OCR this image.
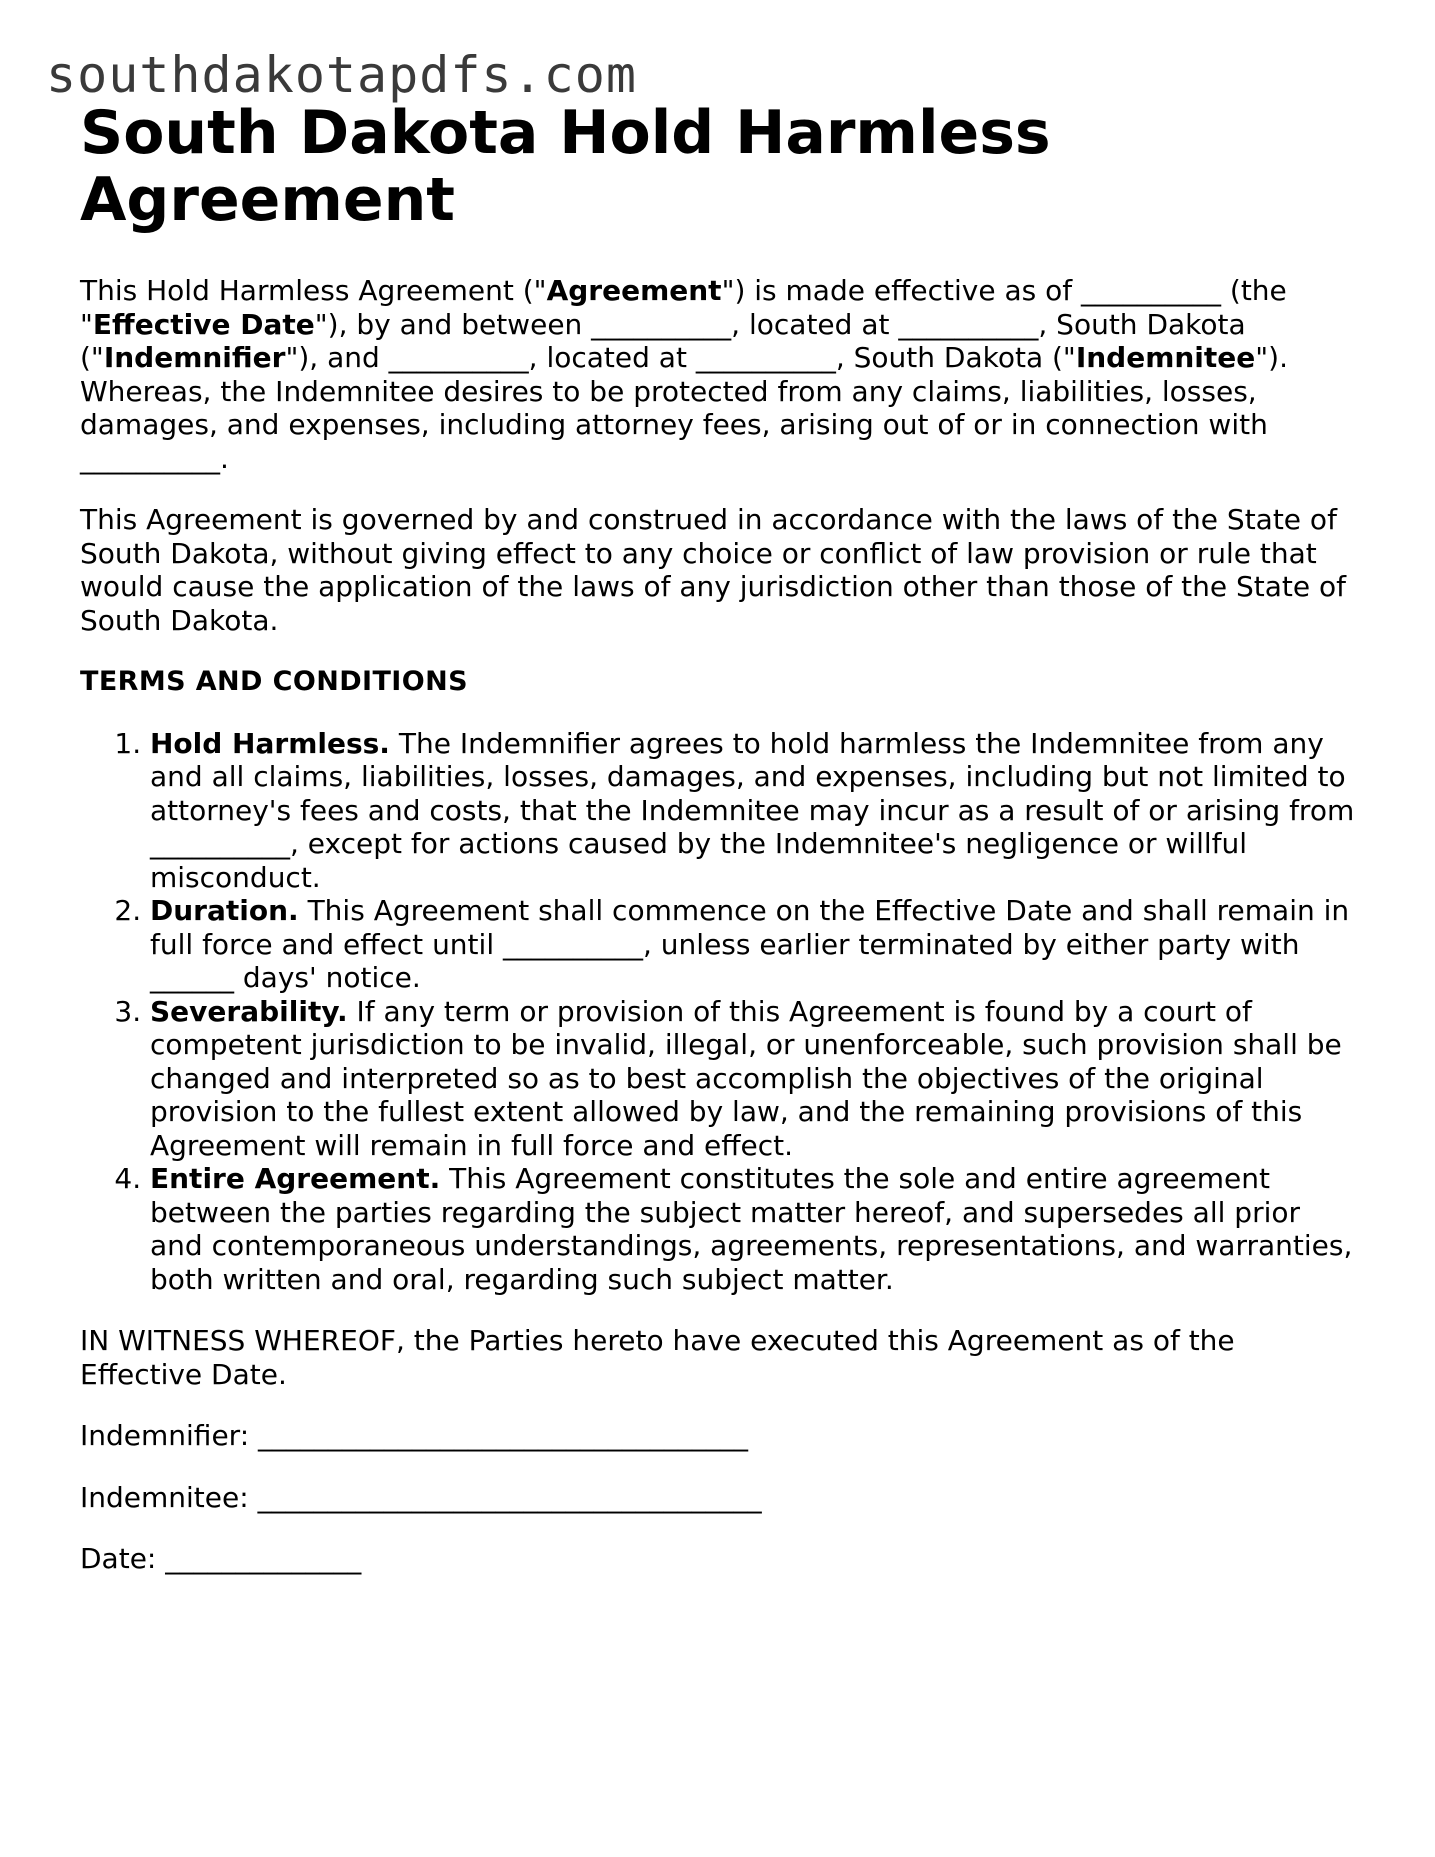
southdakotapdfs.com
South Dakota Hold Harmless Agreement

This Hold Harmless Agreement ("Agreement") is made effective as of __________ (the "Effective Date"), by and between __________, located at __________, South Dakota ("Indemnifier"), and __________, located at __________, South Dakota ("Indemnitee"). Whereas, the Indemnitee desires to be protected from any claims, liabilities, losses, damages, and expenses, including attorney fees, arising out of or in connection with __________.

This Agreement is governed by and construed in accordance with the laws of the State of South Dakota, without giving effect to any choice or conflict of law provision or rule that would cause the application of the laws of any jurisdiction other than those of the State of South Dakota.

TERMS AND CONDITIONS
1. Hold Harmless. The Indemnifier agrees to hold harmless the Indemnitee from any and all claims, liabilities, losses, damages, and expenses, including but not limited to attorney's fees and costs, that the Indemnitee may incur as a result of or arising from __________, except for actions caused by the Indemnitee's negligence or willful misconduct.
2. Duration. This Agreement shall commence on the Effective Date and shall remain in full force and effect until __________, unless earlier terminated by either party with ______ days' notice.
3. Severability. If any term or provision of this Agreement is found by a court of competent jurisdiction to be invalid, illegal, or unenforceable, such provision shall be changed and interpreted so as to best accomplish the objectives of the original provision to the fullest extent allowed by law, and the remaining provisions of this Agreement will remain in full force and effect.
4. Entire Agreement. This Agreement constitutes the sole and entire agreement between the parties regarding the subject matter hereof, and supersedes all prior and contemporaneous understandings, agreements, representations, and warranties, both written and oral, regarding such subject matter.

IN WITNESS WHEREOF, the Parties hereto have executed this Agreement as of the Effective Date.

Indemnifier: ___________________________________

Indemnitee: ____________________________________

Date: ______________
